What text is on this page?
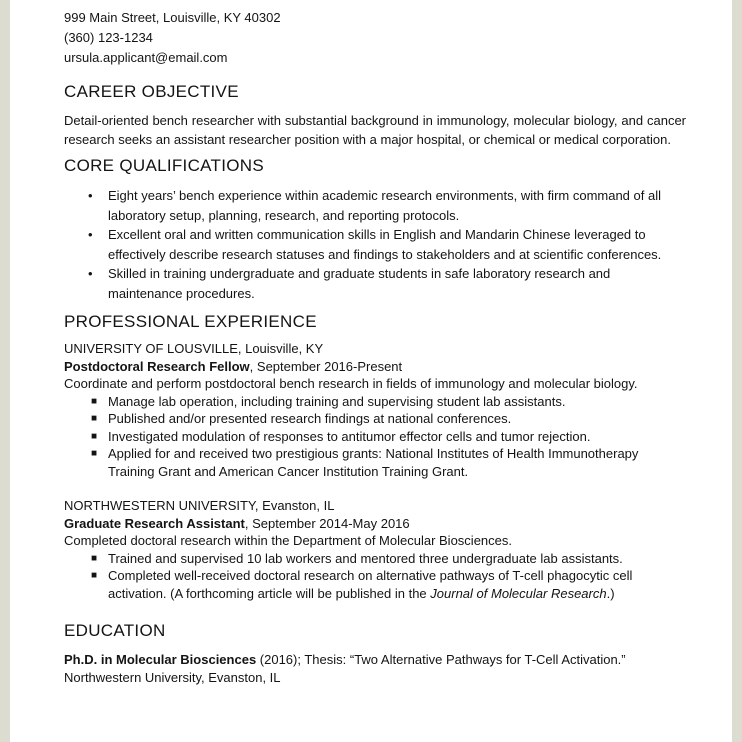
999 Main Street, Louisville, KY 40302
(360) 123-1234
ursula.applicant@email.com
CAREER OBJECTIVE
Detail-oriented bench researcher with substantial background in immunology, molecular biology, and cancer research seeks an assistant researcher position with a major hospital, or chemical or medical corporation.
CORE QUALIFICATIONS
• Eight years’ bench experience within academic research environments, with firm command of all laboratory setup, planning, research, and reporting protocols.
• Excellent oral and written communication skills in English and Mandarin Chinese leveraged to effectively describe research statuses and findings to stakeholders and at scientific conferences.
• Skilled in training undergraduate and graduate students in safe laboratory research and maintenance procedures.
PROFESSIONAL EXPERIENCE
UNIVERSITY OF LOUSVILLE, Louisville, KY
Postdoctoral Research Fellow, September 2016-Present
Coordinate and perform postdoctoral bench research in fields of immunology and molecular biology.
■ Manage lab operation, including training and supervising student lab assistants.
■ Published and/or presented research findings at national conferences.
■ Investigated modulation of responses to antitumor effector cells and tumor rejection.
■ Applied for and received two prestigious grants: National Institutes of Health Immunotherapy Training Grant and American Cancer Institution Training Grant.
NORTHWESTERN UNIVERSITY, Evanston, IL
Graduate Research Assistant, September 2014-May 2016
Completed doctoral research within the Department of Molecular Biosciences.
■ Trained and supervised 10 lab workers and mentored three undergraduate lab assistants.
■ Completed well-received doctoral research on alternative pathways of T-cell phagocytic cell activation. (A forthcoming article will be published in the Journal of Molecular Research.)
EDUCATION
Ph.D. in Molecular Biosciences (2016); Thesis: “Two Alternative Pathways for T-Cell Activation.”
Northwestern University, Evanston, IL
